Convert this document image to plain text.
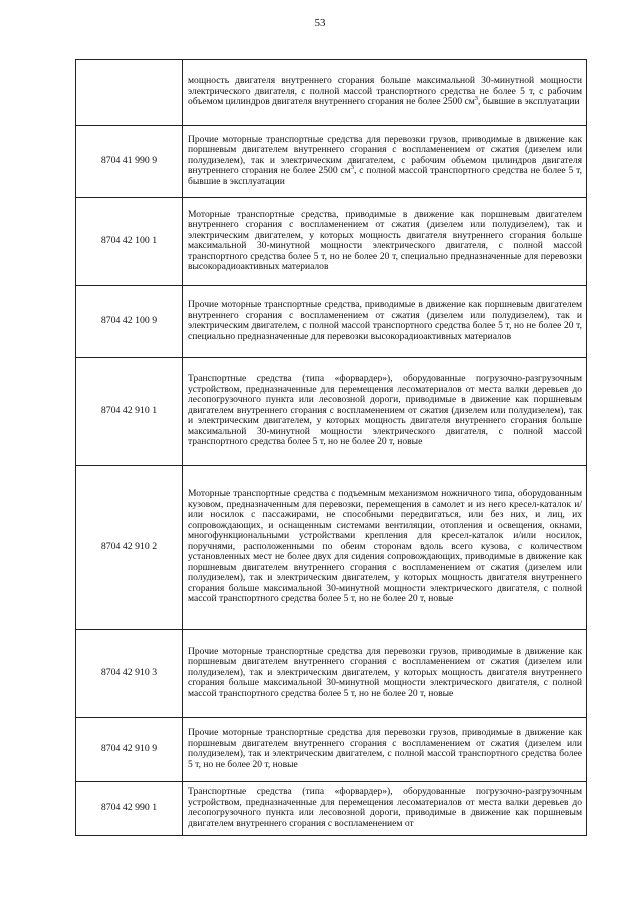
53
	мощность двигателя внутреннего сгорания больше максимальной 30-минутной мощности электрического двигателя, с полной массой транспортного средства не более 5 т, с рабочим объемом цилиндров двигателя внутреннего сгорания не более 2500 $см^3$, бывшие в эксплуатации
8704 41 990 9	Прочие моторные транспортные средства для перевозки грузов, приводимые в движение как поршневым двигателем внутреннего сгорания с воспламенением от сжатия (дизелем или полудизелем), так и электрическим двигателем, с рабочим объемом цилиндров двигателя внутреннего сгорания не более 2500 $см^3$, с полной массой транспортного средства не более 5 т, бывшие в эксплуатации
8704 42 100 1	Моторные транспортные средства, приводимые в движение как поршневым двигателем внутреннего сгорания с воспламенением от сжатия (дизелем или полудизелем), так и электрическим двигателем, у которых мощность двигателя внутреннего сгорания больше максимальной 30-минутной мощности электрического двигателя, с полной массой транспортного средства более 5 т, но не более 20 т, специально предназначенные для перевозки высокорадиоактивных материалов
8704 42 100 9	Прочие моторные транспортные средства, приводимые в движение как поршневым двигателем внутреннего сгорания с воспламенением от сжатия (дизелем или полудизелем), так и электрическим двигателем, с полной массой транспортного средства более 5 т, но не более 20 т, специально предназначенные для перевозки высокорадиоактивных материалов
8704 42 910 1	Транспортные средства (типа «форвардер»), оборудованные погрузочно-разгрузочным устройством, предназначенные для перемещения лесоматериалов от места валки деревьев до лесопогрузочного пункта или лесовозной дороги, приводимые в движение как поршневым двигателем внутреннего сгорания с воспламенением от сжатия (дизелем или полудизелем), так и электрическим двигателем, у которых мощность двигателя внутреннего сгорания больше максимальной 30-минутной мощности электрического двигателя, с полной массой транспортного средства более 5 т, но не более 20 т, новые
8704 42 910 2	Моторные транспортные средства с подъемным механизмом ножничного типа, оборудованным кузовом, предназначенным для перевозки, перемещения в самолет и из него кресел-каталок и/или носилок с пассажирами, не способными передвигаться, или без них, и лиц, их сопровождающих, и оснащенным системами вентиляции, отопления и освещения, окнами, многофункциональными устройствами крепления для кресел-каталок и/или носилок, поручнями, расположенными по обеим сторонам вдоль всего кузова, с количеством установленных мест не более двух для сидения сопровождающих, приводимые в движение как поршневым двигателем внутреннего сгорания с воспламенением от сжатия (дизелем или полудизелем), так и электрическим двигателем, у которых мощность двигателя внутреннего сгорания больше максимальной 30-минутной мощности электрического двигателя, с полной массой транспортного средства более 5 т, но не более 20 т, новые
8704 42 910 3	Прочие моторные транспортные средства для перевозки грузов, приводимые в движение как поршневым двигателем внутреннего сгорания с воспламенением от сжатия (дизелем или полудизелем), так и электрическим двигателем, у которых мощность двигателя внутреннего сгорания больше максимальной 30-минутной мощности электрического двигателя, с полной массой транспортного средства более 5 т, но не более 20 т, новые
8704 42 910 9	Прочие моторные транспортные средства для перевозки грузов, приводимые в движение как поршневым двигателем внутреннего сгорания с воспламенением от сжатия (дизелем или полудизелем), так и электрическим двигателем, с полной массой транспортного средства более 5 т, но не более 20 т, новые
8704 42 990 1	Транспортные средства (типа «форвардер»), оборудованные погрузочно-разгрузочным устройством, предназначенные для перемещения лесоматериалов от места валки деревьев до лесопогрузочного пункта или лесовозной дороги, приводимые в движение как поршневым двигателем внутреннего сгорания с воспламенением от
